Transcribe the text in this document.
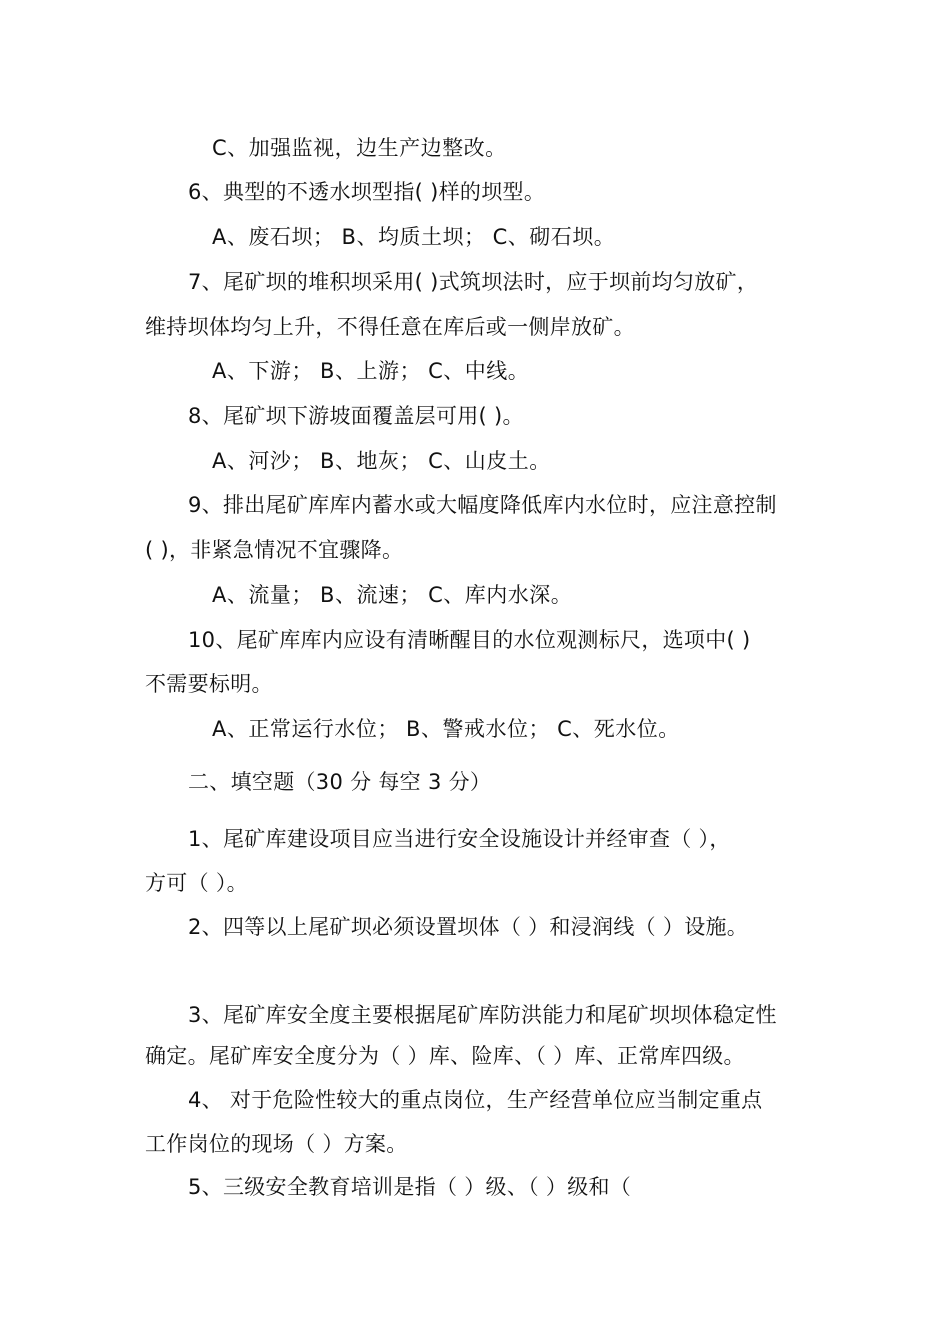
C、加强监视，边生产边整改。
6、典型的不透水坝型指( )样的坝型。
A、废石坝； B、均质土坝； C、砌石坝。
7、尾矿坝的堆积坝采用( )式筑坝法时，应于坝前均匀放矿，
维持坝体均匀上升，不得任意在库后或一侧岸放矿。
A、下游； B、上游； C、中线。
8、尾矿坝下游坡面覆盖层可用( )。
A、河沙； B、地灰； C、山皮土。
9、排出尾矿库库内蓄水或大幅度降低库内水位时，应注意控制
( )，非紧急情况不宜骤降。
A、流量； B、流速； C、库内水深。
10、尾矿库库内应设有清晰醒目的水位观测标尺，选项中( )
不需要标明。
A、正常运行水位； B、警戒水位； C、死水位。
二、填空题（30 分 每空 3 分）
1、尾矿库建设项目应当进行安全设施设计并经审查（ ），
方可（ ）。
2、四等以上尾矿坝必须设置坝体（ ）和浸润线（ ）设施。
3、尾矿库安全度主要根据尾矿库防洪能力和尾矿坝坝体稳定性
确定。尾矿库安全度分为（ ）库、险库、（ ）库、正常库四级。
4、 对于危险性较大的重点岗位，生产经营单位应当制定重点
工作岗位的现场（ ）方案。
5、三级安全教育培训是指（ ）级、（ ）级和（
